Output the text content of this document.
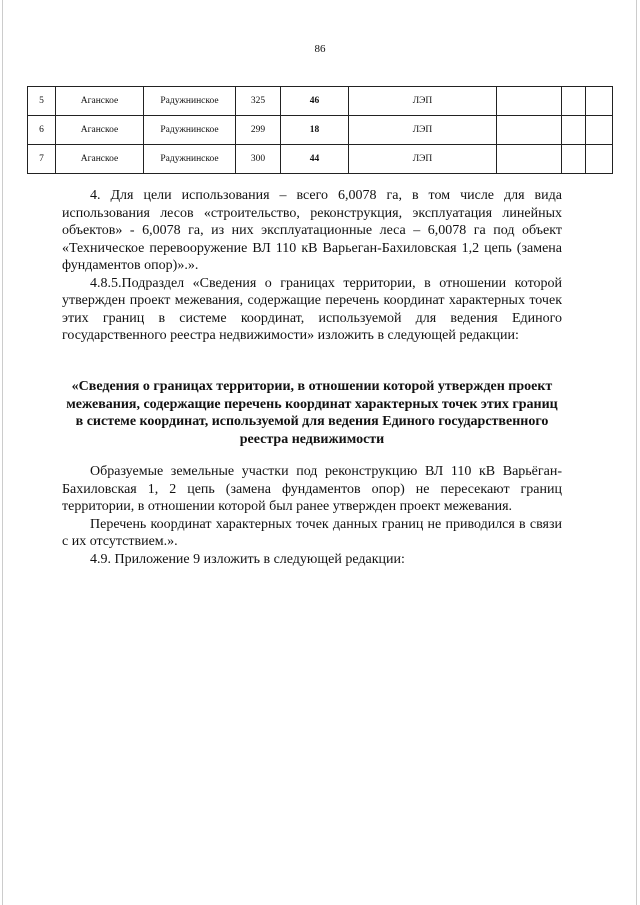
86
5	Аганское	Радужнинское	325	46	ЛЭП			
6	Аганское	Радужнинское	299	18	ЛЭП			
7	Аганское	Радужнинское	300	44	ЛЭП			

4. Для цели использования – всего 6,0078 га, в том числе для вида использования лесов «строительство, реконструкция, эксплуатация линейных объектов» - 6,0078 га, из них эксплуатационные леса – 6,0078 га под объект «Техническое перевооружение ВЛ 110 кВ Варьеган-Бахиловская 1,2 цепь (замена фундаментов опор)».».

4.8.5.Подраздел «Сведения о границах территории, в отношении которой утвержден проект межевания, содержащие перечень координат характерных точек этих границ в системе координат, используемой для ведения Единого государственного реестра недвижимости» изложить в следующей редакции:

«Сведения о границах территории, в отношении которой утвержден проект межевания, содержащие перечень координат характерных точек этих границ в системе координат, используемой для ведения Единого государственного реестра недвижимости

Образуемые земельные участки под реконструкцию ВЛ 110 кВ Варьёган-Бахиловская 1, 2 цепь (замена фундаментов опор) не пересекают границ территории, в отношении которой был ранее утвержден проект межевания.

Перечень координат характерных точек данных границ не приводился в связи с их отсутствием.».

4.9. Приложение 9 изложить в следующей редакции:
